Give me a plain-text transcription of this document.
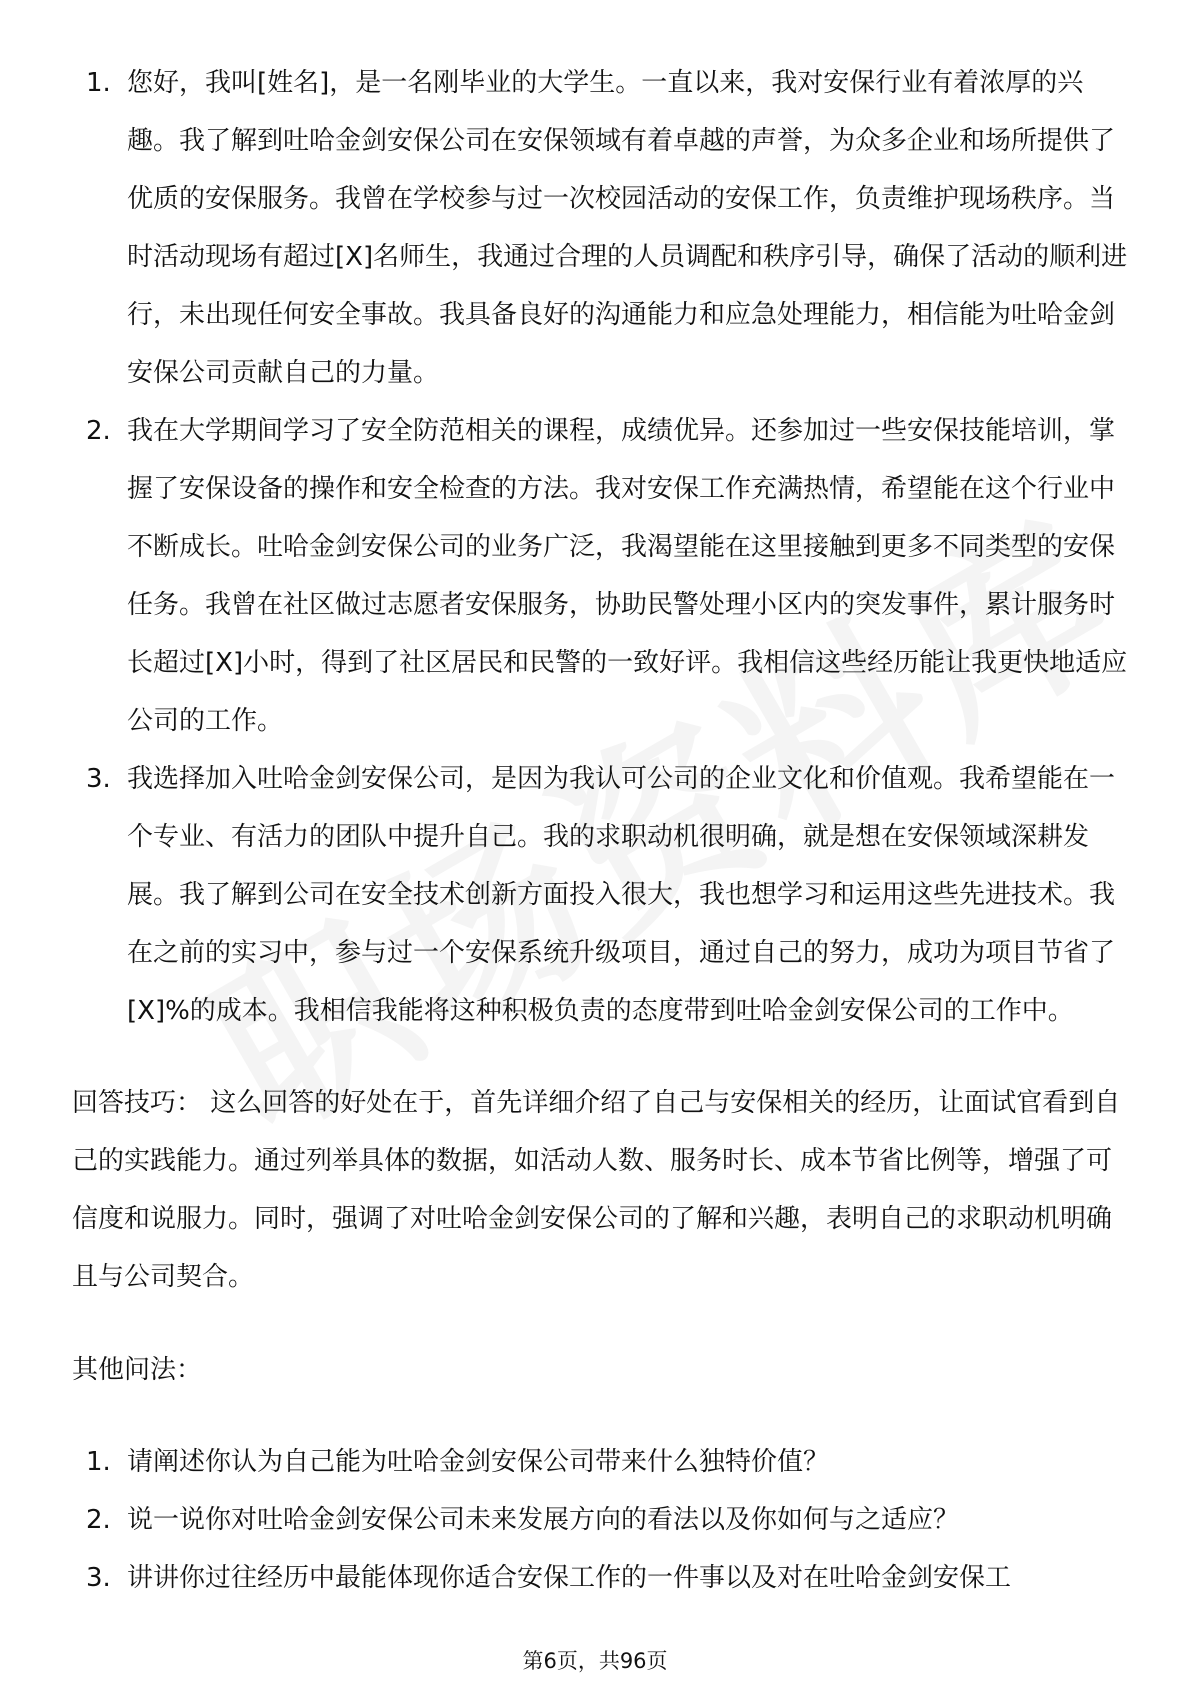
1. 您好，我叫[姓名]，是一名刚毕业的大学生。一直以来，我对安保行业有着浓厚的兴趣。我了解到吐哈金剑安保公司在安保领域有着卓越的声誉，为众多企业和场所提供了优质的安保服务。我曾在学校参与过一次校园活动的安保工作，负责维护现场秩序。当时活动现场有超过[X]名师生，我通过合理的人员调配和秩序引导，确保了活动的顺利进行，未出现任何安全事故。我具备良好的沟通能力和应急处理能力，相信能为吐哈金剑安保公司贡献自己的力量。
2. 我在大学期间学习了安全防范相关的课程，成绩优异。还参加过一些安保技能培训，掌握了安保设备的操作和安全检查的方法。我对安保工作充满热情，希望能在这个行业中不断成长。吐哈金剑安保公司的业务广泛，我渴望能在这里接触到更多不同类型的安保任务。我曾在社区做过志愿者安保服务，协助民警处理小区内的突发事件，累计服务时长超过[X]小时，得到了社区居民和民警的一致好评。我相信这些经历能让我更快地适应公司的工作。
3. 我选择加入吐哈金剑安保公司，是因为我认可公司的企业文化和价值观。我希望能在一个专业、有活力的团队中提升自己。我的求职动机很明确，就是想在安保领域深耕发展。我了解到公司在安全技术创新方面投入很大，我也想学习和运用这些先进技术。我在之前的实习中，参与过一个安保系统升级项目，通过自己的努力，成功为项目节省了[X]%的成本。我相信我能将这种积极负责的态度带到吐哈金剑安保公司的工作中。

回答技巧： 这么回答的好处在于，首先详细介绍了自己与安保相关的经历，让面试官看到自己的实践能力。通过列举具体的数据，如活动人数、服务时长、成本节省比例等，增强了可信度和说服力。同时，强调了对吐哈金剑安保公司的了解和兴趣，表明自己的求职动机明确且与公司契合。

其他问法：

1. 请阐述你认为自己能为吐哈金剑安保公司带来什么独特价值？
2. 说一说你对吐哈金剑安保公司未来发展方向的看法以及你如何与之适应？
3. 讲讲你过往经历中最能体现你适合安保工作的一件事以及对在吐哈金剑安保工
第6页，共96页
